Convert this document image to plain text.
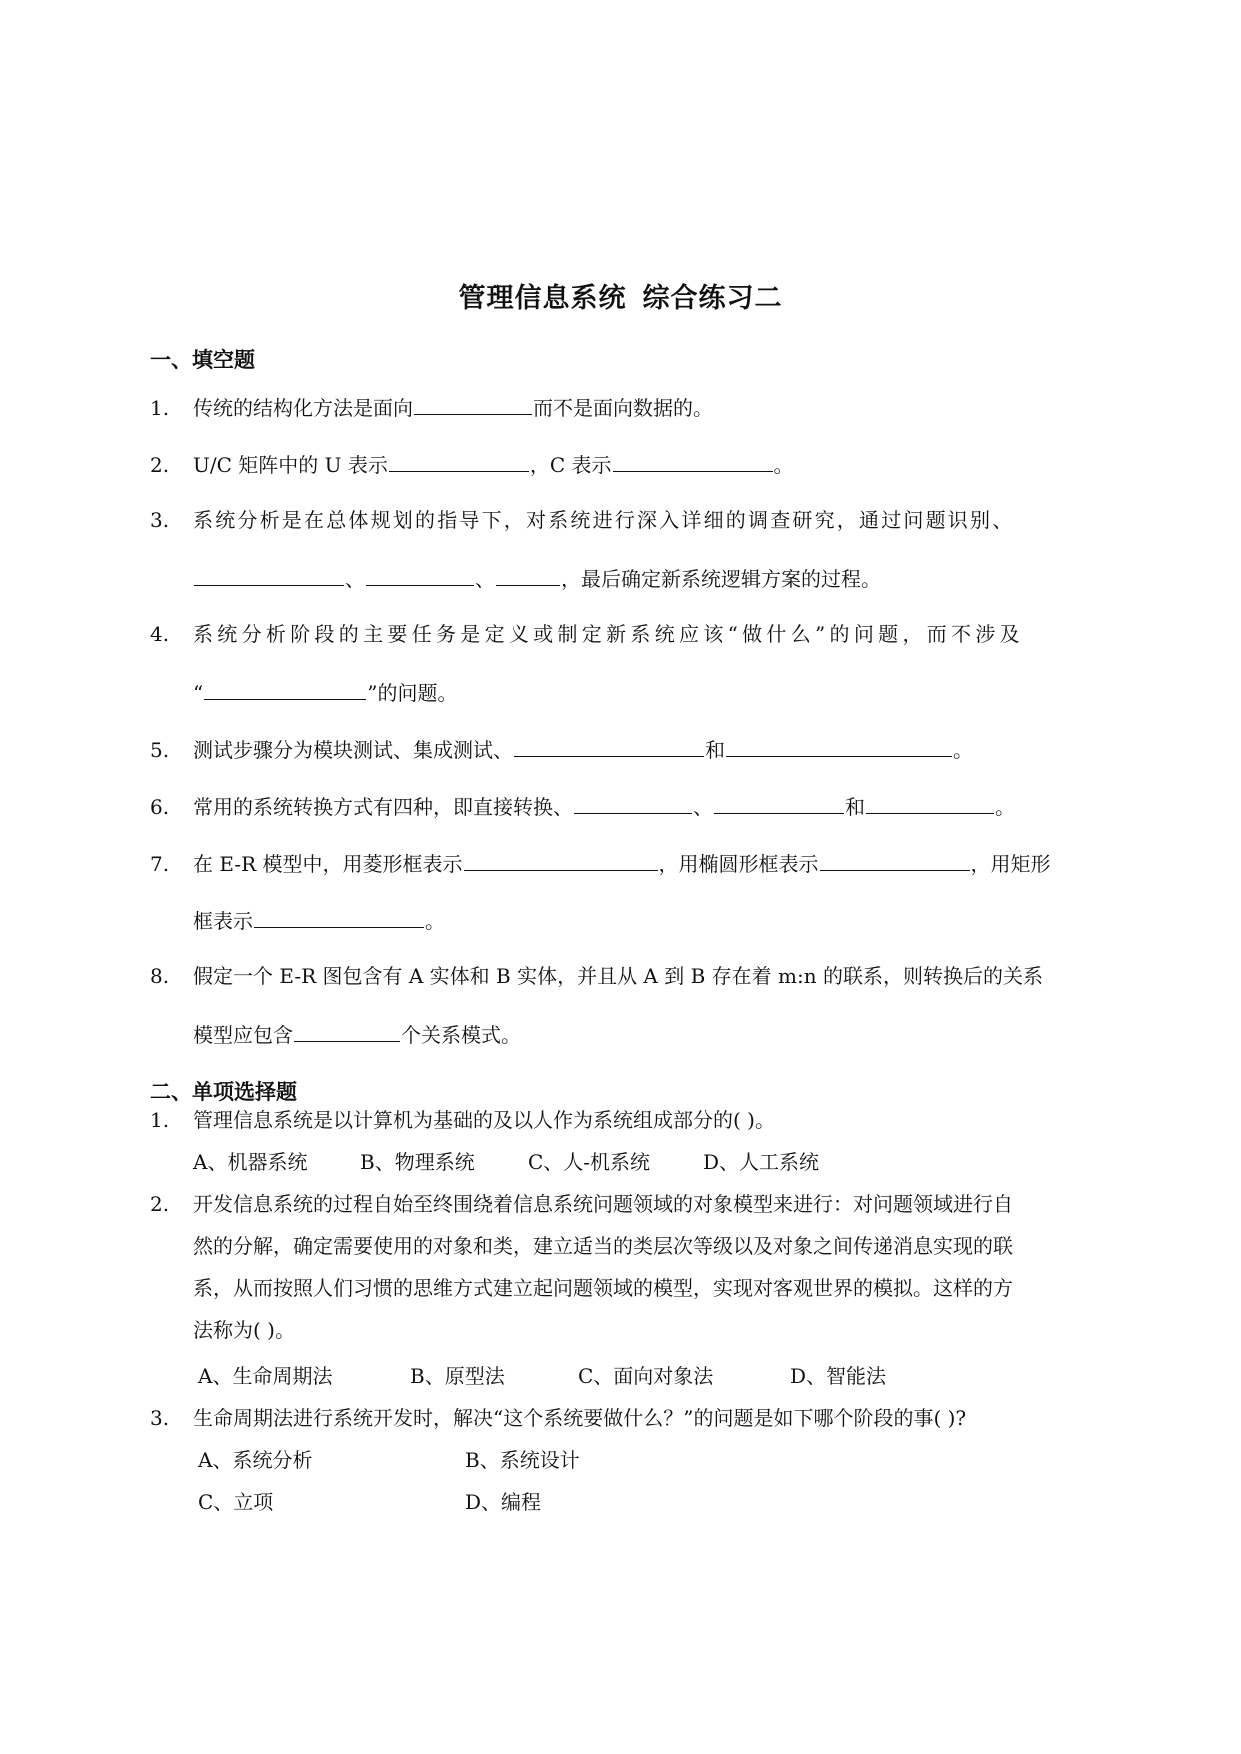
管理信息系统 综合练习二
一、填空题
1. 传统的结构化方法是面向	而不是面向数据的。
2. U/C 矩阵中的 U 表示	，C 表示	。
3.	系统分析是在总体规划的指导下，对系统进行深入详细的调查研究，通过问题识别、
、	、	，最后确定新系统逻辑方案的过程。
4.	系统分析阶段的主要任务是定义或制定新系统应该“做什么”的问题，而不涉及
“	”的问题。
5. 测试步骤分为模块测试、集成测试、	和	。
6. 常用的系统转换方式有四种，即直接转换、	、	和	。
7. 在 E-R 模型中，用菱形框表示	，用椭圆形框表示	，用矩形
框表示	。
8.	假定一个 E-R 图包含有 A 实体和 B 实体，并且从 A 到 B 存在着 m:n 的联系，则转换后的关系
模型应包含	个关系模式。
二、单项选择题
1. 管理信息系统是以计算机为基础的及以人作为系统组成部分的( )。
A、机器系统	B、物理系统	C、人-机系统	D、人工系统
2.	开发信息系统的过程自始至终围绕着信息系统问题领域的对象模型来进行：对问题领域进行自
然的分解，确定需要使用的对象和类，建立适当的类层次等级以及对象之间传递消息实现的联
系，从而按照人们习惯的思维方式建立起问题领域的模型，实现对客观世界的模拟。这样的方
法称为( )。
A、生命周期法	B、原型法	C、面向对象法	D、智能法
3. 生命周期法进行系统开发时，解决“这个系统要做什么？”的问题是如下哪个阶段的事( )?
A、系统分析	B、系统设计
C、立项	D、编程
